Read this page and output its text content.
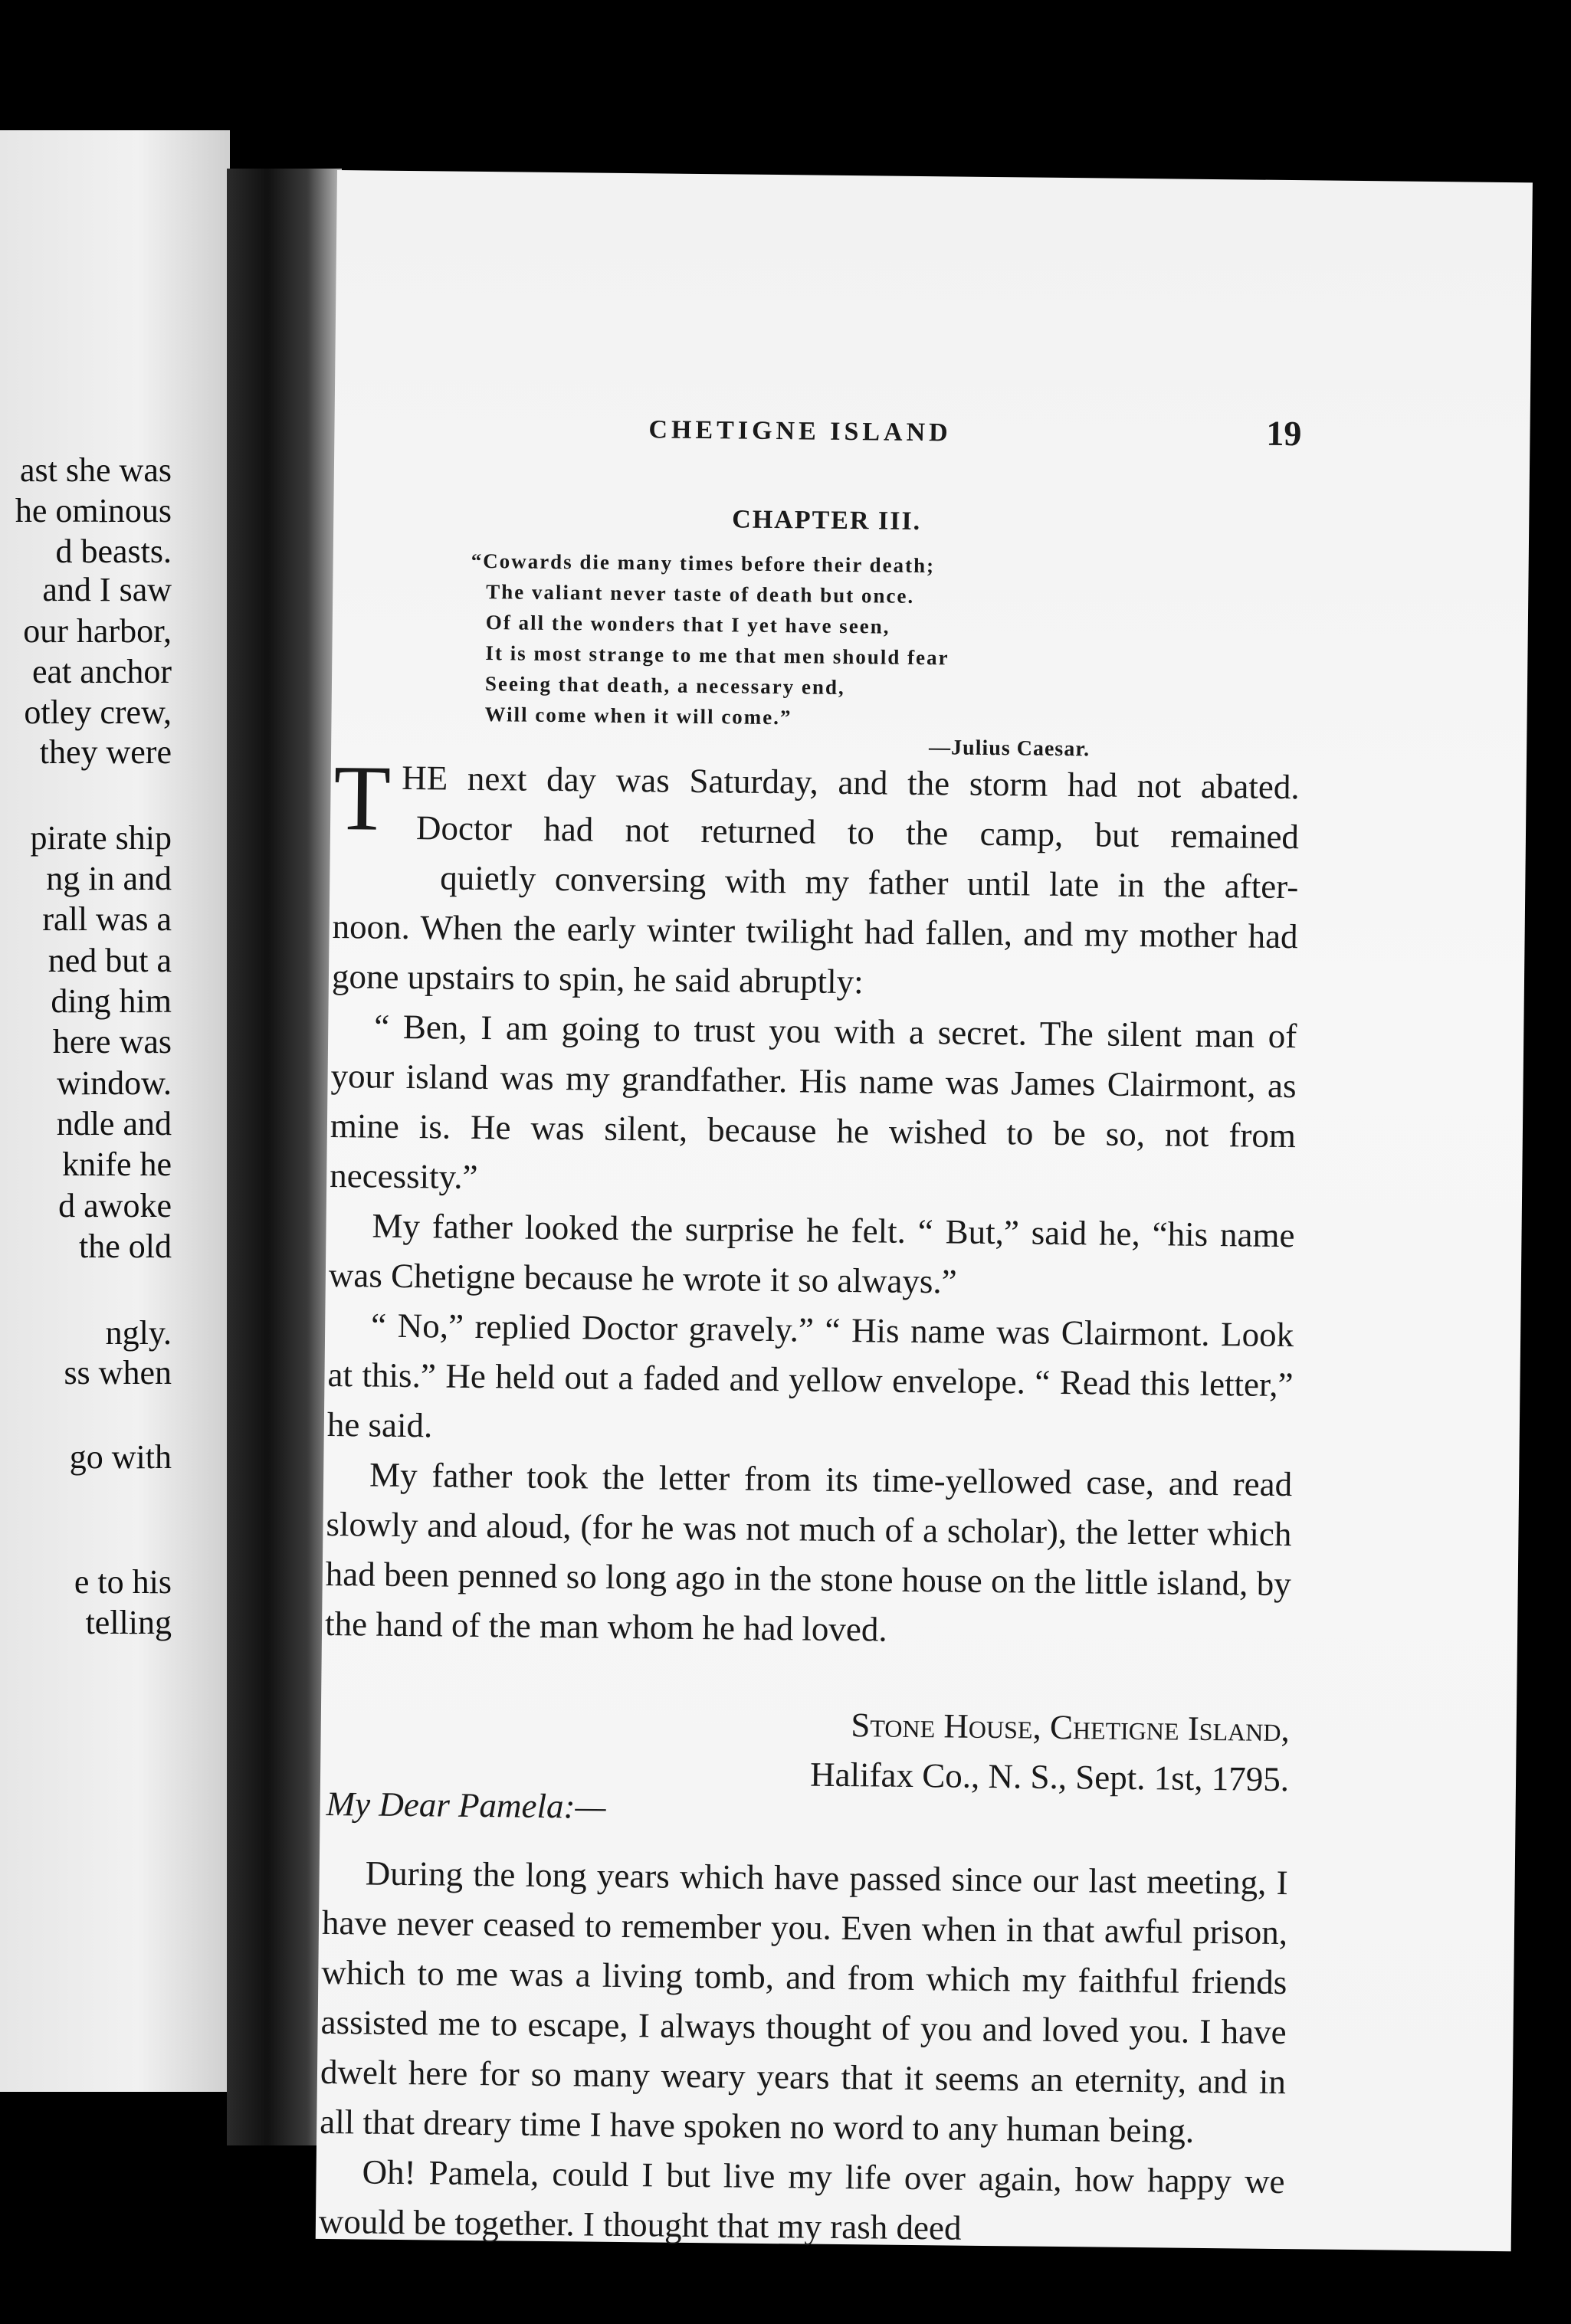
ast she was
he ominous
d beasts.
and I saw
our harbor,
eat anchor
otley crew,
they were
pirate ship
ng in and
rall was a
ned but a
ding him
here was
window.
ndle and
knife he
d awoke
the old
ngly.
ss when
go with
e to his
telling
CHETIGNE ISLAND	19
CHAPTER III.
“Cowards die many times before their death;
The valiant never taste of death but once.
Of all the wonders that I yet have seen,
It is most strange to me that men should fear
Seeing that death, a necessary end,
Will come when it will come.”
—Julius Caesar.
T HE next day was Saturday, and the storm had not abated.
Doctor had not returned to the camp, but remained
quietly conversing with my father until late in the after-

noon. When the early winter twilight had fallen, and my mother had gone upstairs to spin, he said abruptly:

“ Ben, I am going to trust you with a secret. The silent man of your island was my grandfather. His name was James Clairmont, as mine is. He was silent, because he wished to be so, not from necessity.”

My father looked the surprise he felt. “ But,” said he, “his name was Chetigne because he wrote it so always.”

“ No,” replied Doctor gravely.” “ His name was Clairmont. Look at this.” He held out a faded and yellow envelope. “ Read this letter,” he said.

My father took the letter from its time-yellowed case, and read slowly and aloud, (for he was not much of a scholar), the letter which had been penned so long ago in the stone house on the little island, by the hand of the man whom he had loved.

Stone House, Chetigne Island,
Halifax Co., N. S., Sept. 1st, 1795.
My Dear Pamela:—

During the long years which have passed since our last meeting, I have never ceased to remember you. Even when in that awful prison, which to me was a living tomb, and from which my faithful friends assisted me to escape, I always thought of you and loved you. I have dwelt here for so many weary years that it seems an eternity, and in all that dreary time I have spoken no word to any human being.

Oh! Pamela, could I but live my life over again, how happy we would be together. I thought that my rash deed
